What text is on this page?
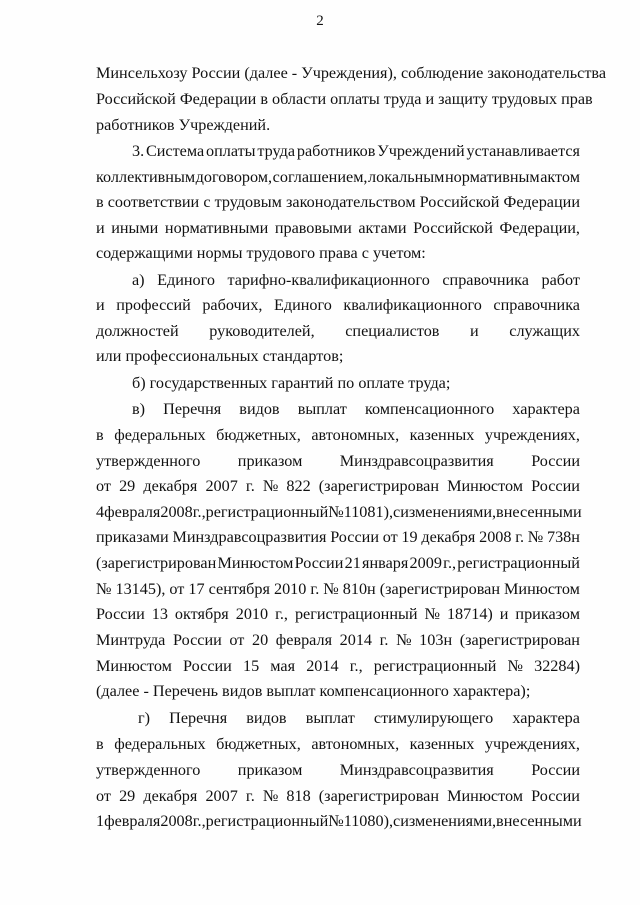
2
Минсельхозу России (далее - Учреждения), соблюдение законодательства
Российской Федерации в области оплаты труда и защиту трудовых прав
работников Учреждений.
3. Система оплаты труда работников Учреждений устанавливается
коллективным договором, соглашением, локальным нормативным актом
в соответствии с трудовым законодательством Российской Федерации
и иными нормативными правовыми актами Российской Федерации,
содержащими нормы трудового права с учетом:
а) Единого тарифно-квалификационного справочника работ
и профессий рабочих, Единого квалификационного справочника
должностей руководителей, специалистов и служащих
или профессиональных стандартов;
б) государственных гарантий по оплате труда;
в) Перечня видов выплат компенсационного характера
в федеральных бюджетных, автономных, казенных учреждениях,
утвержденного приказом Минздравсоцразвития России
от 29 декабря 2007 г. № 822 (зарегистрирован Минюстом России
4 февраля 2008 г., регистрационный № 11081), с изменениями, внесенными
приказами Минздравсоцразвития России от 19 декабря 2008 г. № 738н
(зарегистрирован Минюстом России 21 января 2009 г., регистрационный
№ 13145), от 17 сентября 2010 г. № 810н (зарегистрирован Минюстом
России 13 октября 2010 г., регистрационный № 18714) и приказом
Минтруда России от 20 февраля 2014 г. № 103н (зарегистрирован
Минюстом России 15 мая 2014 г., регистрационный № 32284)
(далее - Перечень видов выплат компенсационного характера);
г) Перечня видов выплат стимулирующего характера
в федеральных бюджетных, автономных, казенных учреждениях,
утвержденного приказом Минздравсоцразвития России
от 29 декабря 2007 г. № 818 (зарегистрирован Минюстом России
1 февраля 2008 г., регистрационный № 11080), с изменениями, внесенными
